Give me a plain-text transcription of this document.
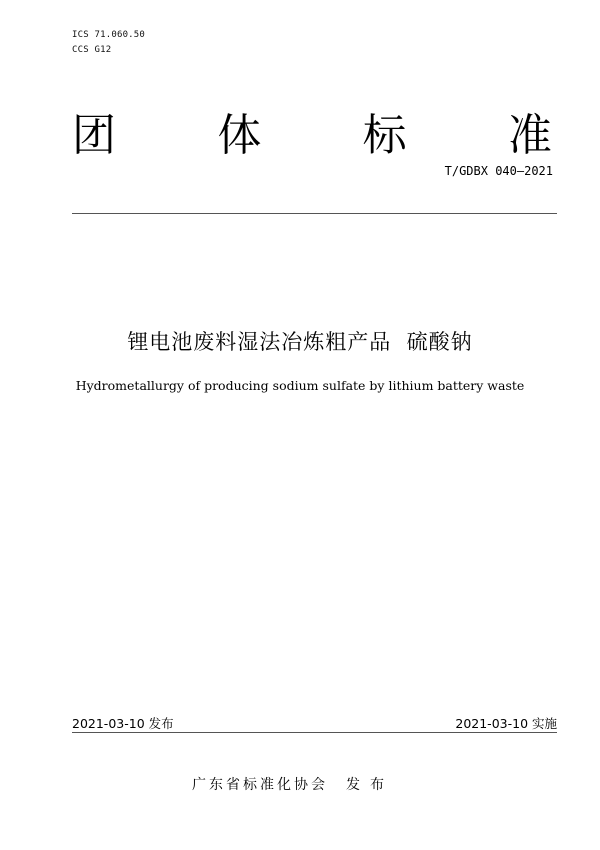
ICS 71.060.50
CCS G12
团 体 标 准
T/GDBX 040—2021
锂电池废料湿法冶炼粗产品  硫酸钠
Hydrometallurgy of producing sodium sulfate by lithium battery waste
2021-03-10 发布	2021-03-10 实施
广东省标准化协会 发布
